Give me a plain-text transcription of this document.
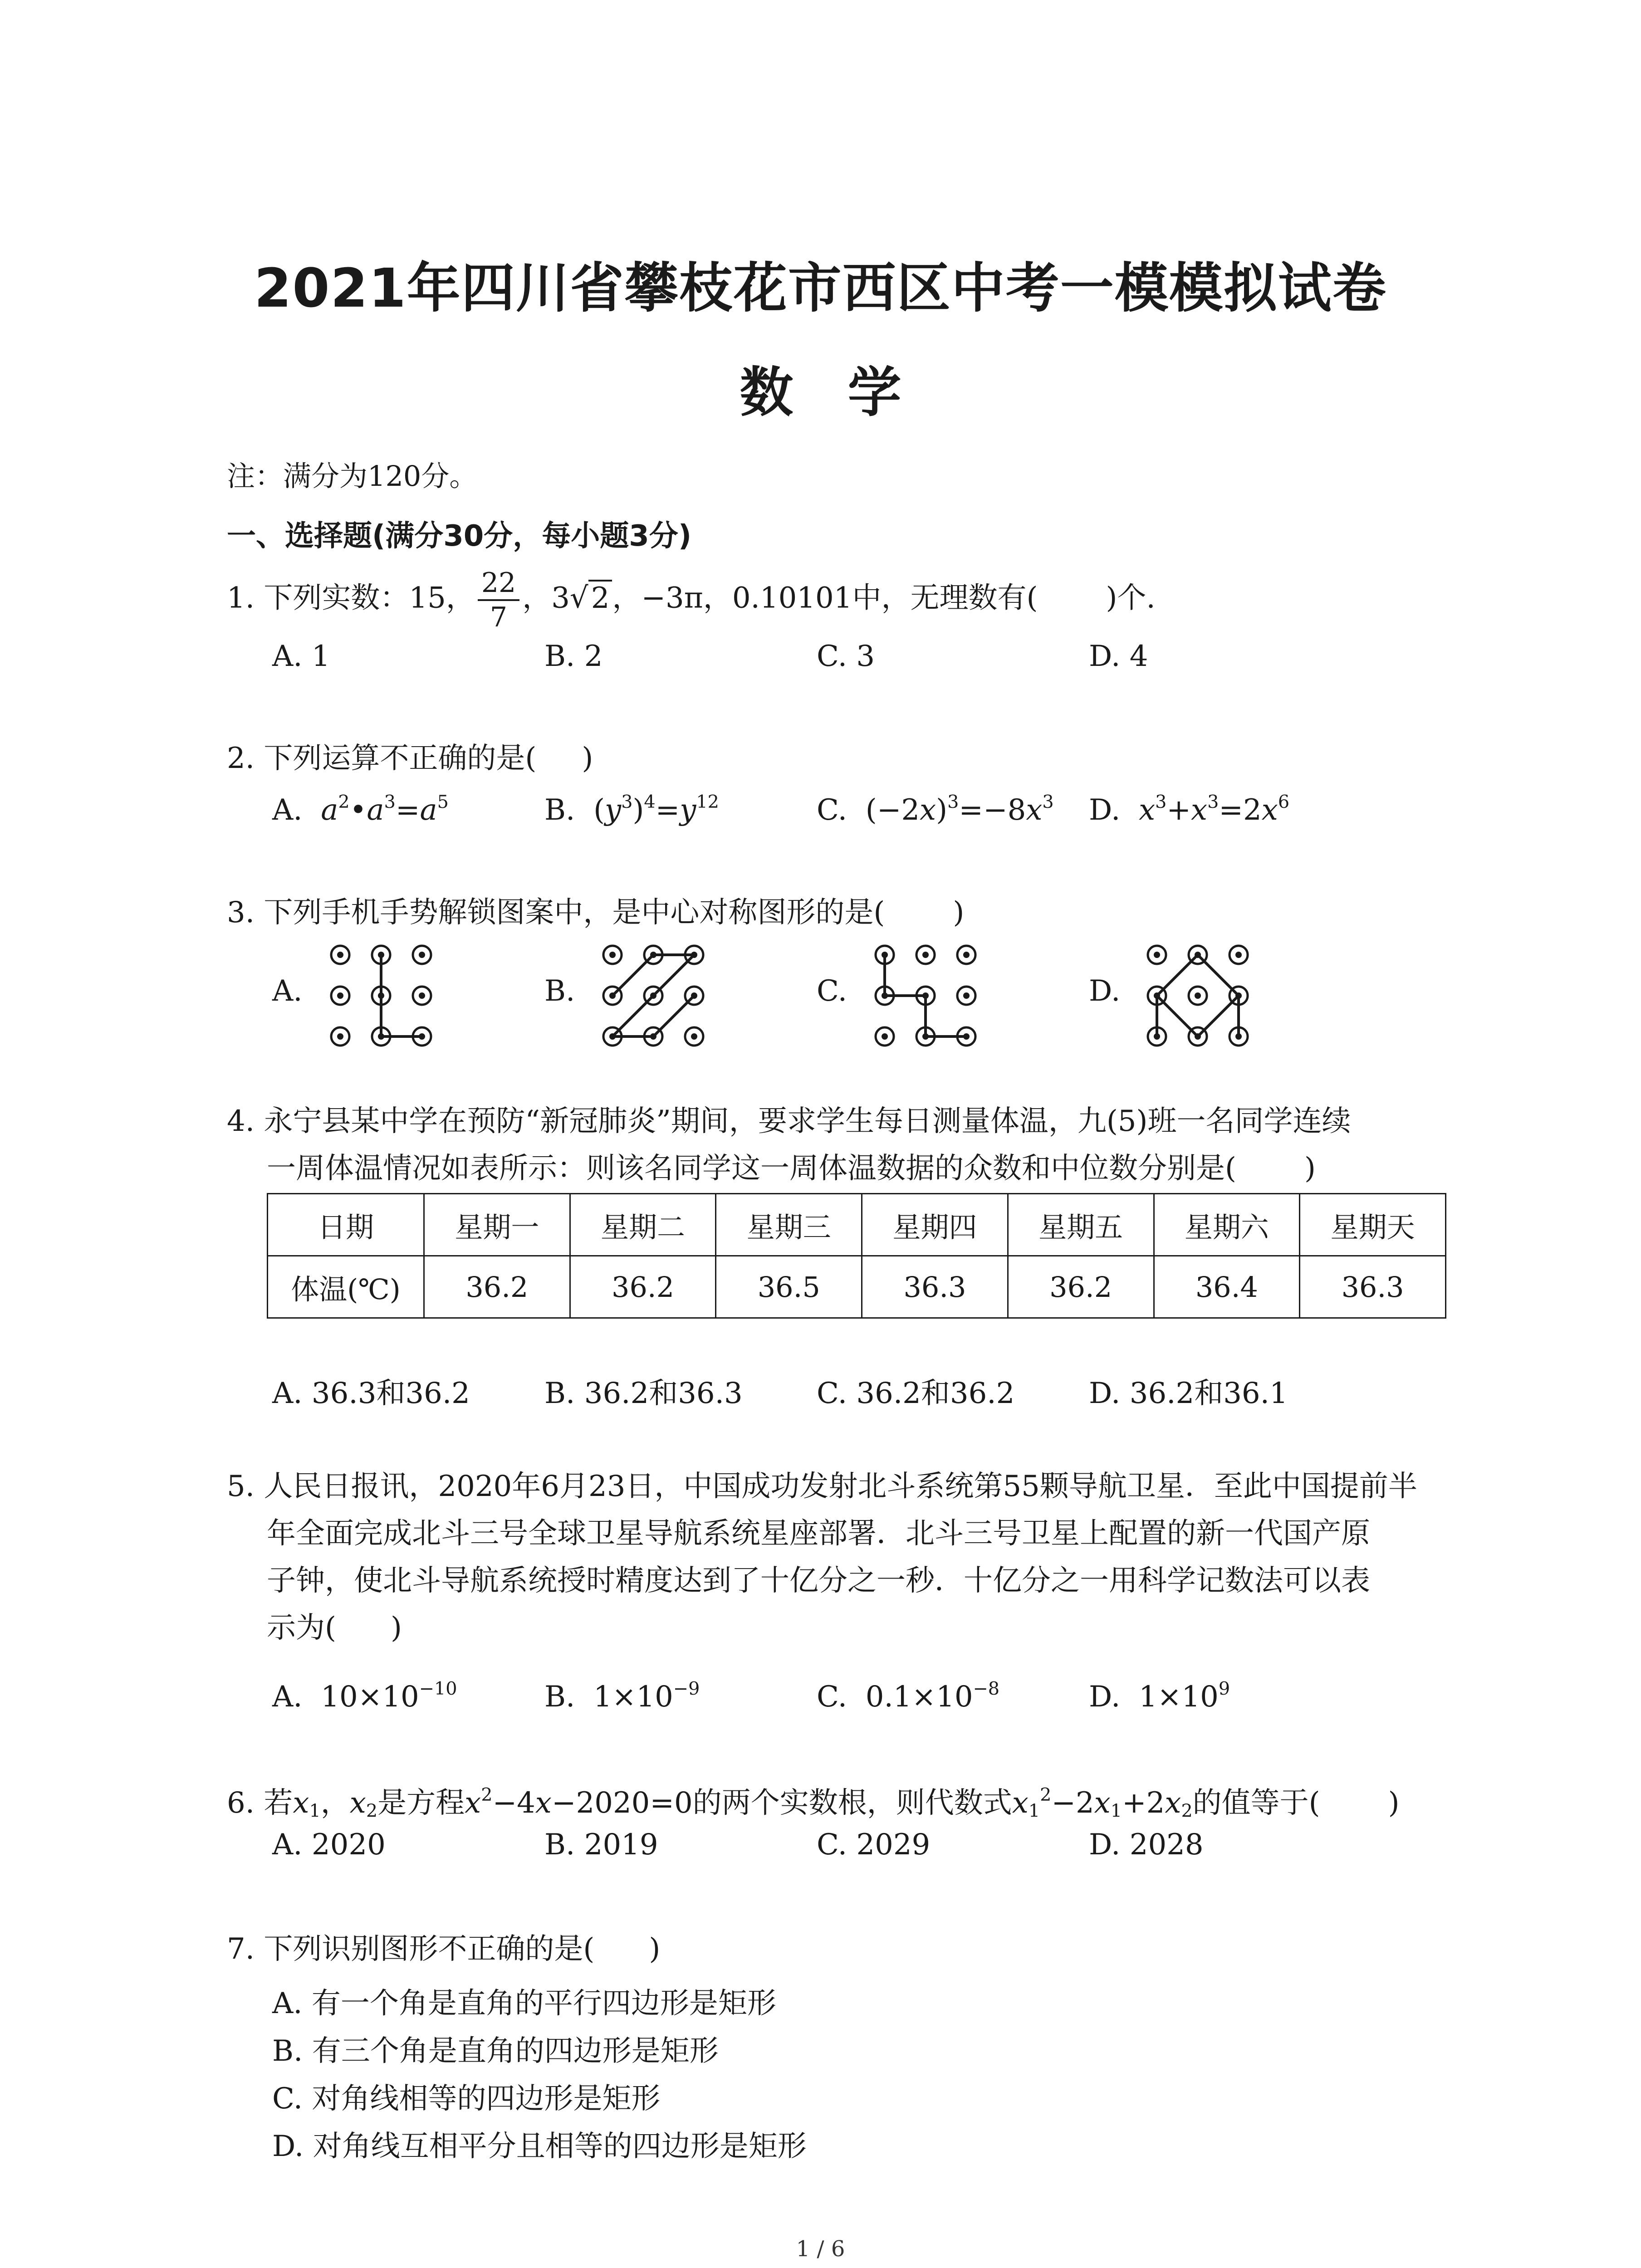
2021年四川省攀枝花市西区中考一模模拟试卷
数学
注：满分为120分。
一、选择题(满分30分，每小题3分)
1. 下列实数：15， $\frac{22}{7}$ ，3√2，−3π，0.10101中，无理数有( )个.
A. 1	B. 2	C. 3	D. 4
2. 下列运算不正确的是( )
A. $a^2•a^3=a^5$	B.  $(y^3)^4=y^{12}$	C.  $(-2x)^3=-8x^3$ D. $x^3+x^3=2x^6$
3. 下列手机手势解锁图案中，是中心对称图形的是( )
A.	B.	C.	D.
4. 永宁县某中学在预防“新冠肺炎”期间，要求学生每日测量体温，九(5)班一名同学连续
一周体温情况如表所示：则该名同学这一周体温数据的众数和中位数分别是( )
日期	星期一	星期二	星期三	星期四	星期五	星期六	星期天
体温(℃)	36.2	36.2	36.5	36.3	36.2	36.4	36.3
A. 36.3和36.2	B. 36.2和36.3	C. 36.2和36.2	D. 36.2和36.1
5. 人民日报讯，2020年6月23日，中国成功发射北斗系统第55颗导航卫星．至此中国提前半
年全面完成北斗三号全球卫星导航系统星座部署．北斗三号卫星上配置的新一代国产原
子钟，使北斗导航系统授时精度达到了十亿分之一秒．十亿分之一用科学记数法可以表
示为( )
A.  $10\times 10^{-10}$	B.  $1\times 10^{-9}$	C.  $0.1\times 10^{-8}$	D.  $1\times 10^9$
6. 若$x_1$，$x_2$是方程$x^2-4x-2020=0$的两个实数根，则代数式$x_1^2-2x_1+2x_2$的值等于( )
A. 2020	B. 2019	C. 2029	D. 2028
7. 下列识别图形不正确的是( )
A. 有一个角是直角的平行四边形是矩形
B. 有三个角是直角的四边形是矩形
C. 对角线相等的四边形是矩形
D. 对角线互相平分且相等的四边形是矩形
1 / 6
